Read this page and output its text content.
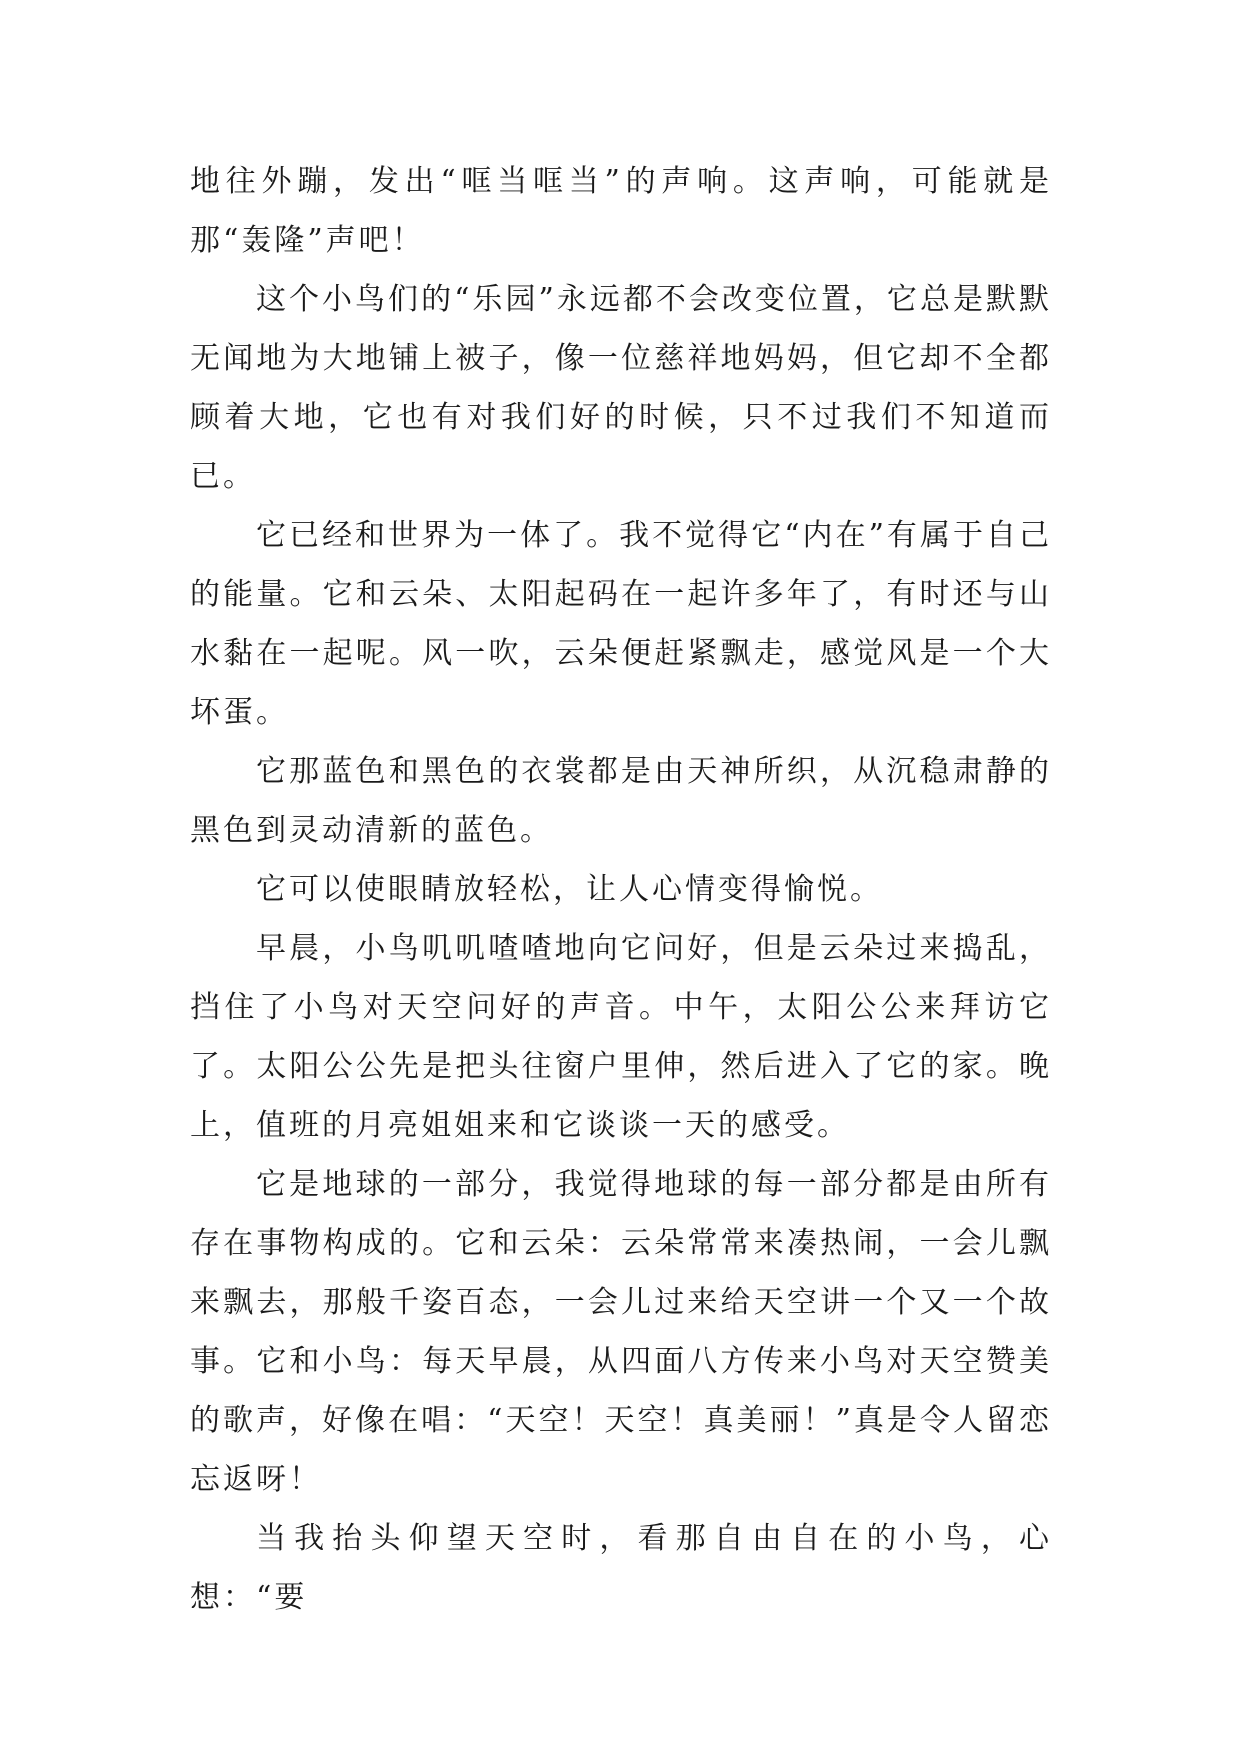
地往外蹦，发出“哐当哐当”的声响。这声响，可能就是那“轰隆”声吧！

这个小鸟们的“乐园”永远都不会改变位置，它总是默默无闻地为大地铺上被子，像一位慈祥地妈妈，但它却不全都顾着大地，它也有对我们好的时候，只不过我们不知道而已。

它已经和世界为一体了。我不觉得它“内在”有属于自己的能量。它和云朵、太阳起码在一起许多年了，有时还与山水黏在一起呢。风一吹，云朵便赶紧飘走，感觉风是一个大坏蛋。

它那蓝色和黑色的衣裳都是由天神所织，从沉稳肃静的黑色到灵动清新的蓝色。

它可以使眼睛放轻松，让人心情变得愉悦。

早晨，小鸟叽叽喳喳地向它问好，但是云朵过来捣乱，挡住了小鸟对天空问好的声音。中午，太阳公公来拜访它了。太阳公公先是把头往窗户里伸，然后进入了它的家。晚上，值班的月亮姐姐来和它谈谈一天的感受。

它是地球的一部分，我觉得地球的每一部分都是由所有存在事物构成的。它和云朵：云朵常常来凑热闹，一会儿飘来飘去，那般千姿百态，一会儿过来给天空讲一个又一个故事。它和小鸟：每天早晨，从四面八方传来小鸟对天空赞美的歌声，好像在唱：“天空！天空！真美丽！”真是令人留恋忘返呀！

当我抬头仰望天空时，看那自由自在的小鸟，心想：“要
